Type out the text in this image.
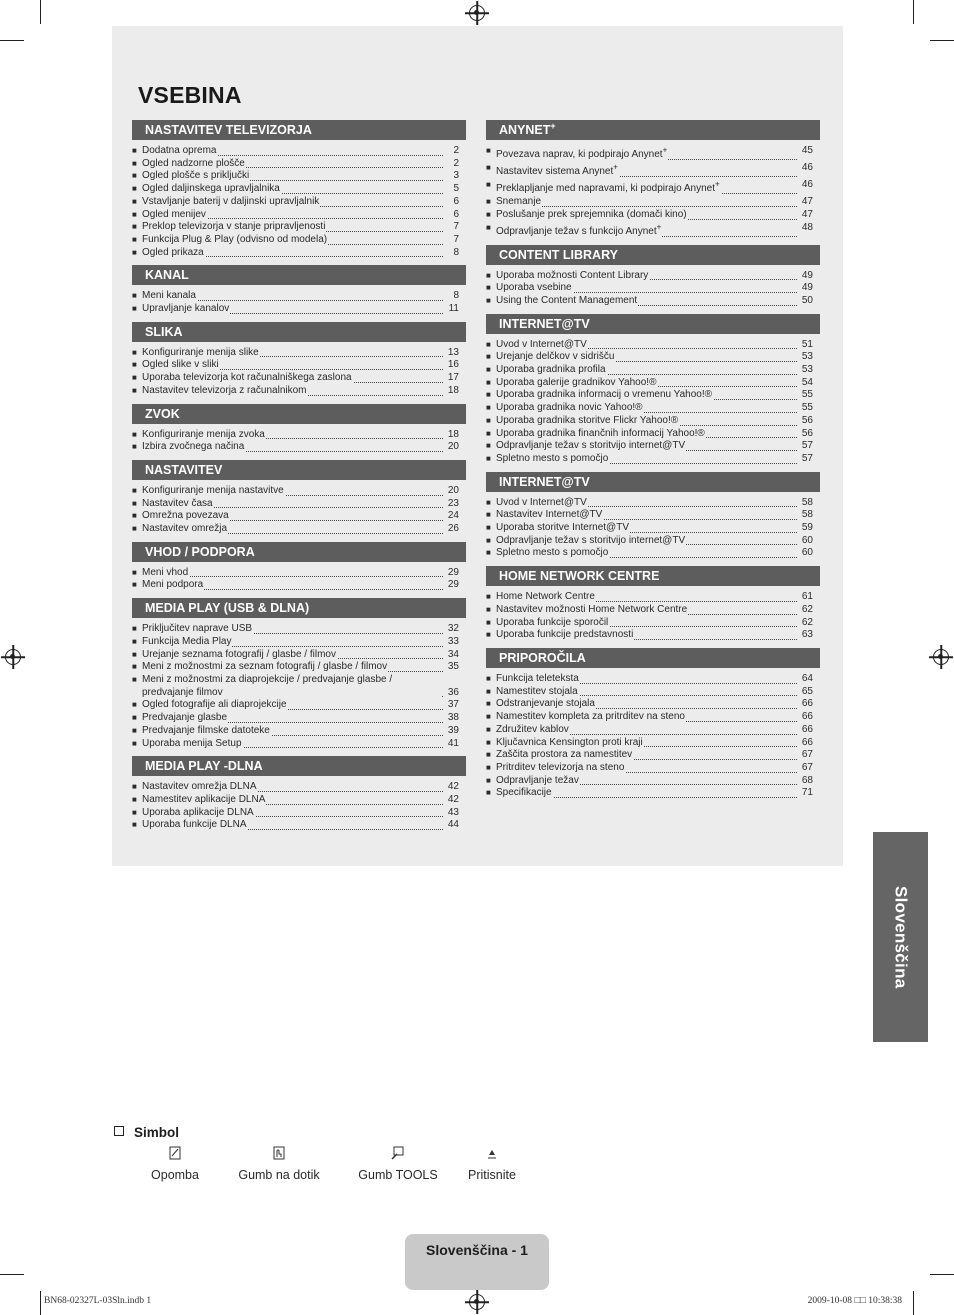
VSEBINA
NASTAVITEV TELEVIZORJA
■ Dodatna oprema	2
■ Ogled nadzorne plošče	2
■ Ogled plošče s priključki	3
■ Ogled daljinskega upravljalnika	5
■ Vstavljanje baterij v daljinski upravljalnik	6
■ Ogled menijev	6
■ Preklop televizorja v stanje pripravljenosti	7
■ Funkcija Plug & Play (odvisno od modela)	7
■ Ogled prikaza	8
KANAL
■ Meni kanala	8
■ Upravljanje kanalov	11
SLIKA
■ Konfiguriranje menija slike	13
■ Ogled slike v sliki	16
■ Uporaba televizorja kot računalniškega zaslona	17
■ Nastavitev televizorja z računalnikom	18
ZVOK
■ Konfiguriranje menija zvoka	18
■ Izbira zvočnega načina	20
NASTAVITEV
■ Konfiguriranje menija nastavitve	20
■ Nastavitev časa	23
■ Omrežna povezava	24
■ Nastavitev omrežja	26
VHOD / PODPORA
■ Meni vhod	29
■ Meni podpora	29
MEDIA PLAY (USB & DLNA)
■ Priključitev naprave USB	32
■ Funkcija Media Play	33
■ Urejanje seznama fotografij / glasbe / filmov	34
■ Meni z možnostmi za seznam fotografij / glasbe / filmov	35
■ Meni z možnostmi za diaprojekcije / predvajanje glasbe / predvajanje filmov	36
■ Ogled fotografije ali diaprojekcije	37
■ Predvajanje glasbe	38
■ Predvajanje filmske datoteke	39
■ Uporaba menija Setup	41
MEDIA PLAY -DLNA
■ Nastavitev omrežja DLNA	42
■ Namestitev aplikacije DLNA	42
■ Uporaba aplikacije DLNA	43
■ Uporaba funkcije DLNA	44
ANYNET+
■ Povezava naprav, ki podpirajo Anynet+	45
■ Nastavitev sistema Anynet+	46
■ Preklapljanje med napravami, ki podpirajo Anynet+	46
■ Snemanje	47
■ Poslušanje prek sprejemnika (domači kino)	47
■ Odpravljanje težav s funkcijo Anynet+	48
CONTENT LIBRARY
■ Uporaba možnosti Content Library	49
■ Uporaba vsebine	49
■ Using the Content Management	50
INTERNET@TV
■ Uvod v Internet@TV	51
■ Urejanje delčkov v sidrišču	53
■ Uporaba gradnika profila	53
■ Uporaba galerije gradnikov Yahoo!®	54
■ Uporaba gradnika informacij o vremenu Yahoo!®	55
■ Uporaba gradnika novic Yahoo!®	55
■ Uporaba gradnika storitve Flickr Yahoo!®	56
■ Uporaba gradnika finančnih informacij Yahoo!®	56
■ Odpravljanje težav s storitvijo internet@TV	57
■ Spletno mesto s pomočjo	57
INTERNET@TV
■ Uvod v Internet@TV	58
■ Nastavitev Internet@TV	58
■ Uporaba storitve Internet@TV	59
■ Odpravljanje težav s storitvijo internet@TV	60
■ Spletno mesto s pomočjo	60
HOME NETWORK CENTRE
■ Home Network Centre	61
■ Nastavitev možnosti Home Network Centre	62
■ Uporaba funkcije sporočil	62
■ Uporaba funkcije predstavnosti	63
PRIPOROČILA
■ Funkcija teleteksta	64
■ Namestitev stojala	65
■ Odstranjevanje stojala	66
■ Namestitev kompleta za pritrditev na steno	66
■ Združitev kablov	66
■ Ključavnica Kensington proti kraji	66
■ Zaščita prostora za namestitev	67
■ Pritrditev televizorja na steno	67
■ Odpravljanje težav	68
■ Specifikacije	71
Slovenščina
Simbol
Opomba	Gumb na dotik	Gumb TOOLS	Pritisnite
Slovenščina - 1
BN68-02327L-03Sln.indb 1	2009-10-08 □□ 10:38:38
